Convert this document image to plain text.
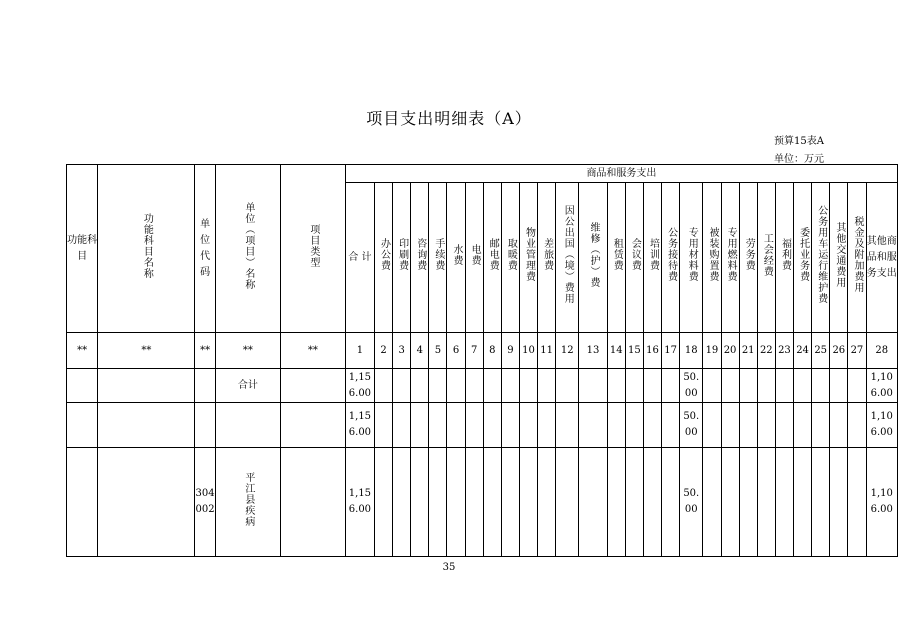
项目支出明细表（A）
预算15表A
单位：万元
功能科目	功能科目名称	单位代码	单位（项目）名称	项目类型	商品和服务支出																											
					合 计	办公费	印刷费	咨询费	手续费	水费	电费	邮电费	取暖费	物业管理费	差旅费	因公出国（境）费用	维修（护）费	租赁费	会议费	培训费	公务接待费	专用材料费	被装购置费	专用燃料费	劳务费	工会经费	福利费	委托业务费	公务用车运行维护费	其他交通费用	税金及附加费用	其他商品和服务支出
**	**	**	**	**	1	2	3	4	5	6	7	8	9	10	11	12	13	14	15	16	17	18	19	20	21	22	23	24	25	26	27	28
			合计		1,156.00																	50.00										1,106.00
					1,156.00																	50.00										1,106.00
		304002	平江县疾病		1,156.00																	50.00										1,106.00
35
